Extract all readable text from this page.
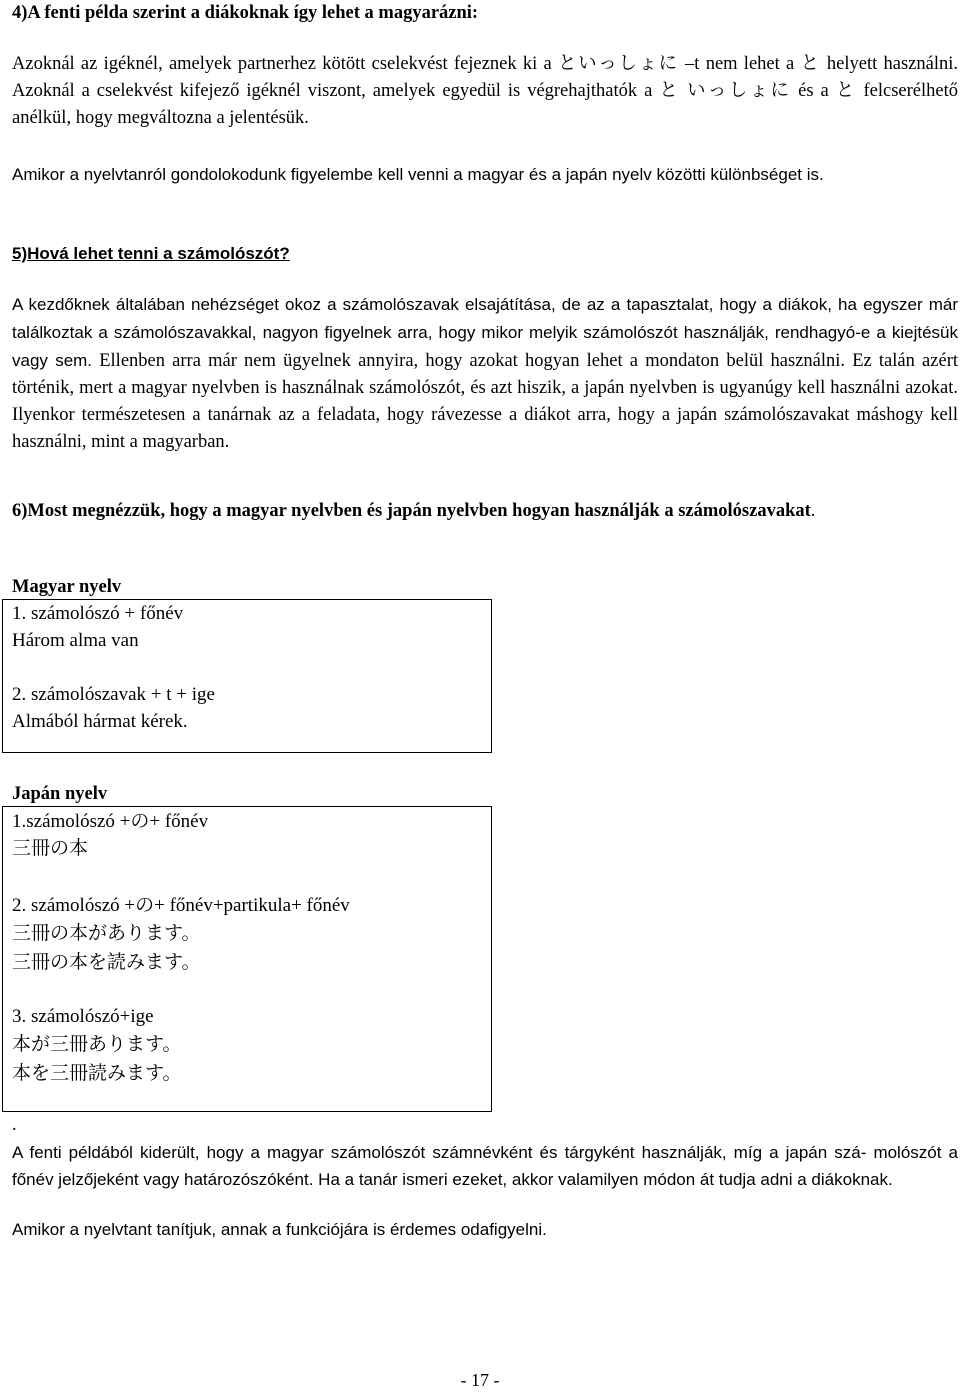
4)A fenti példa szerint a diákoknak így lehet a magyarázni:

Azoknál az igéknél, amelyek partnerhez kötött cselekvést fejeznek ki a といっしょに –t nem lehet a と helyett használni. Azoknál a cselekvést kifejező igéknél viszont, amelyek egyedül is végrehajthatók a と いっしょに és a と felcserélhető anélkül, hogy megváltozna a jelentésük.

Amikor a nyelvtanról gondolokodunk figyelembe kell venni a magyar és a japán nyelv közötti különbséget is.

5)Hová lehet tenni a számolószót?

A kezdőknek általában nehézséget okoz a számolószavak elsajátítása, de az a tapasztalat, hogy a diákok, ha egyszer már találkoztak a számolószavakkal, nagyon figyelnek arra, hogy mikor melyik számolószót használják, rendhagyó-e a kiejtésük vagy sem. Ellenben arra már nem ügyelnek annyira, hogy azokat hogyan lehet a mondaton belül használni. Ez talán azért történik, mert a magyar nyelvben is használnak számolószót, és azt hiszik, a japán nyelvben is ugyanúgy kell használni azokat. Ilyenkor természetesen a tanárnak az a feladata, hogy rávezesse a diákot arra, hogy a japán számolószavakat máshogy kell használni, mint a magyarban.

6)Most megnézzük, hogy a magyar nyelvben és japán nyelvben hogyan használják a számolószavakat.

Magyar nyelv

1. számolószó + főnév

Három alma van

2. számolószavak + t + ige

Almából hármat kérek.

Japán nyelv

1.számolószó +の+ főnév

三冊の本

2. számolószó +の+ főnév+partikula+ főnév

三冊の本があります。

三冊の本を読みます。

3. számolószó+ige

本が三冊あります。

本を三冊読みます。

.

A fenti példából kiderült, hogy a magyar számolószót számnévként és tárgyként használják, míg a japán szá- molószót a főnév jelzőjeként vagy határozószóként. Ha a tanár ismeri ezeket, akkor valamilyen módon át tudja adni a diákoknak.

Amikor a nyelvtant tanítjuk, annak a funkciójára is érdemes odafigyelni.

- 17 -
